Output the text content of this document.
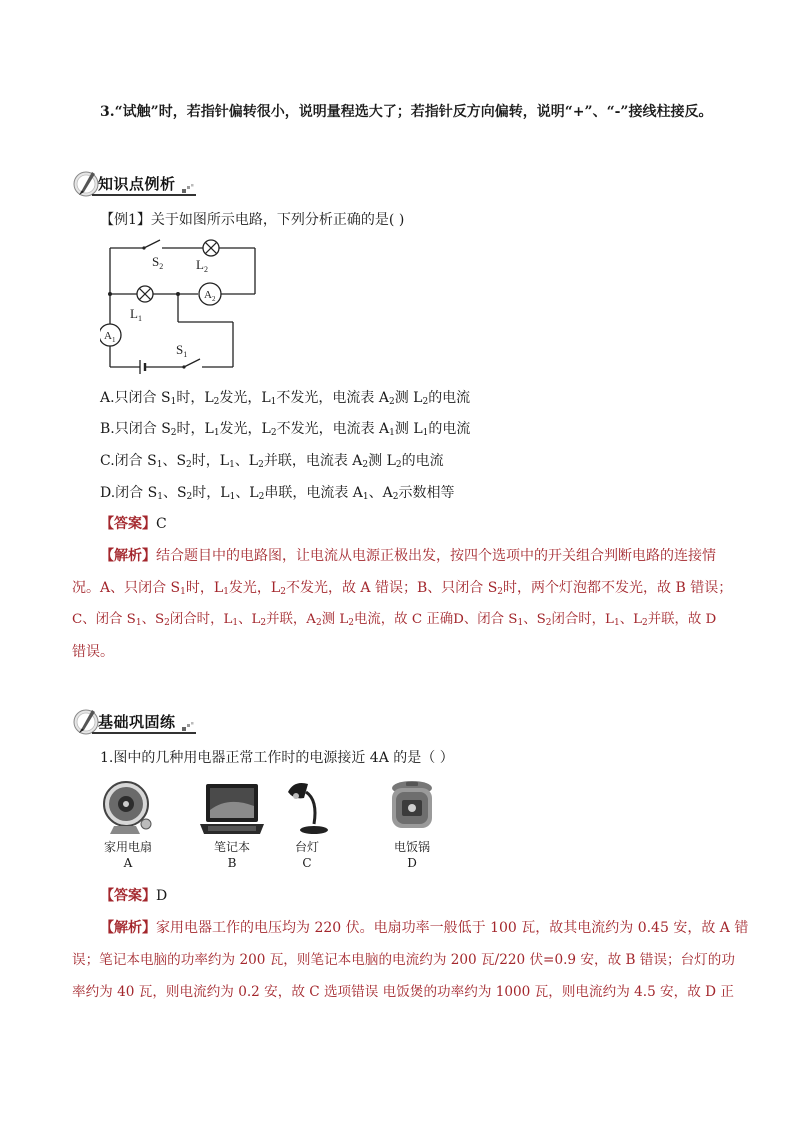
3.“试触”时，若指针偏转很小，说明量程选大了；若指针反方向偏转，说明“+”、“-”接线柱接反。
知识点例析
【例1】关于如图所示电路，下列分析正确的是( )
$S_2$	$L_2$
$A_2$
$L_1$
$A_1$
$S_1$
A.只闭合 $S_1$时，$L_2$发光，$L_1$不发光，电流表 $A_2$测 $L_2$的电流
B.只闭合 $S_2$时，$L_1$发光，$L_2$不发光，电流表 $A_1$测 $L_1$的电流
C.闭合 $S_1$、$S_2$时，$L_1$、$L_2$并联，电流表 $A_2$测 $L_2$的电流
D.闭合 $S_1$、$S_2$时，$L_1$、$L_2$串联，电流表 $A_1$、$A_2$示数相等
【答案】C
【解析】结合题目中的电路图，让电流从电源正极出发，按四个选项中的开关组合判断电路的连接情
况。A、只闭合 $S_1$时，$L_1$发光，$L_2$不发光，故 A 错误；B、只闭合 $S_2$时，两个灯泡都不发光，故 B 错误；
C、闭合 $S_1$、$S_2$闭合时，$L_1$、$L_2$并联，$A_2$测 $L_2$电流，故 C 正确D、闭合 $S_1$、$S_2$闭合时，$L_1$、$L_2$并联，故 D
错误。
基础巩固练
1.图中的几种用电器正常工作时的电源接近 4A 的是（ ）
家用电扇
A
笔记本
B
台灯
C
电饭锅
D
【答案】D
【解析】家用电器工作的电压均为 220 伏。电扇功率一般低于 100 瓦，故其电流约为 0.45 安，故 A 错
误；笔记本电脑的功率约为 200 瓦，则笔记本电脑的电流约为 200 瓦/220 伏=0.9 安，故 B 错误；台灯的功
率约为 40 瓦，则电流约为 0.2 安，故 C 选项错误 电饭煲的功率约为 1000 瓦，则电流约为 4.5 安，故 D 正
